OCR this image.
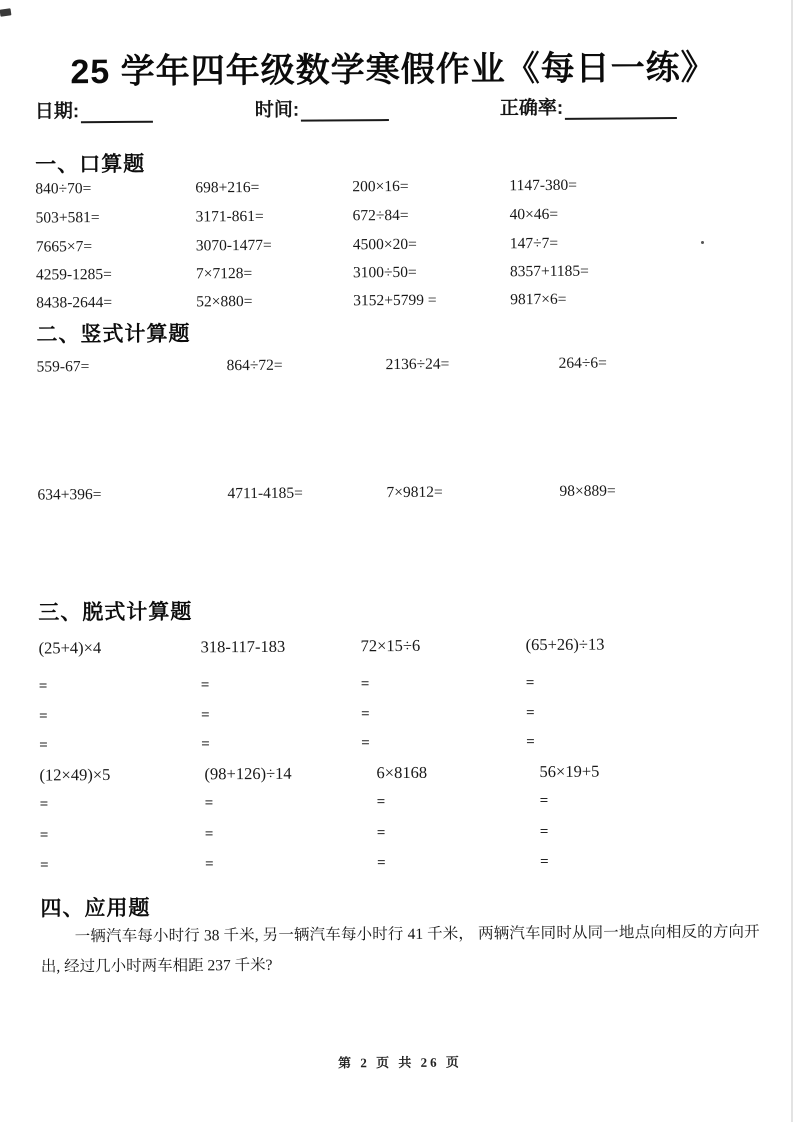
25 学年四年级数学寒假作业《每日一练》
日期:	时间:	正确率:
一、口算题
840÷70=	698+216=	200×16=	1147-380=
503+581=	3171-861=	672÷84=	40×46=
7665×7=	3070-1477=	4500×20=	147÷7=
4259-1285=	7×7128=	3100÷50=	8357+1185=
8438-2644=	52×880=	3152+5799 =	9817×6=
二、竖式计算题
559-67=	864÷72=	2136÷24=	264÷6=
634+396=	4711-4185=	7×9812=	98×889=
三、脱式计算题
(25+4)×4	318-117-183	72×15÷6	(65+26)÷13
=	=	=	=
=	=	=	=
=	=	=	=
(12×49)×5	(98+126)÷14	6×8168	56×19+5
=	=	=	=
=	=	=	=
=	=	=	=
四、应用题
一辆汽车每小时行 38 千米, 另一辆汽车每小时行 41 千米， 两辆汽车同时从同一地点向相反的方向开出, 经过几小时两车相距 237 千米?
第 2 页 共 26 页
